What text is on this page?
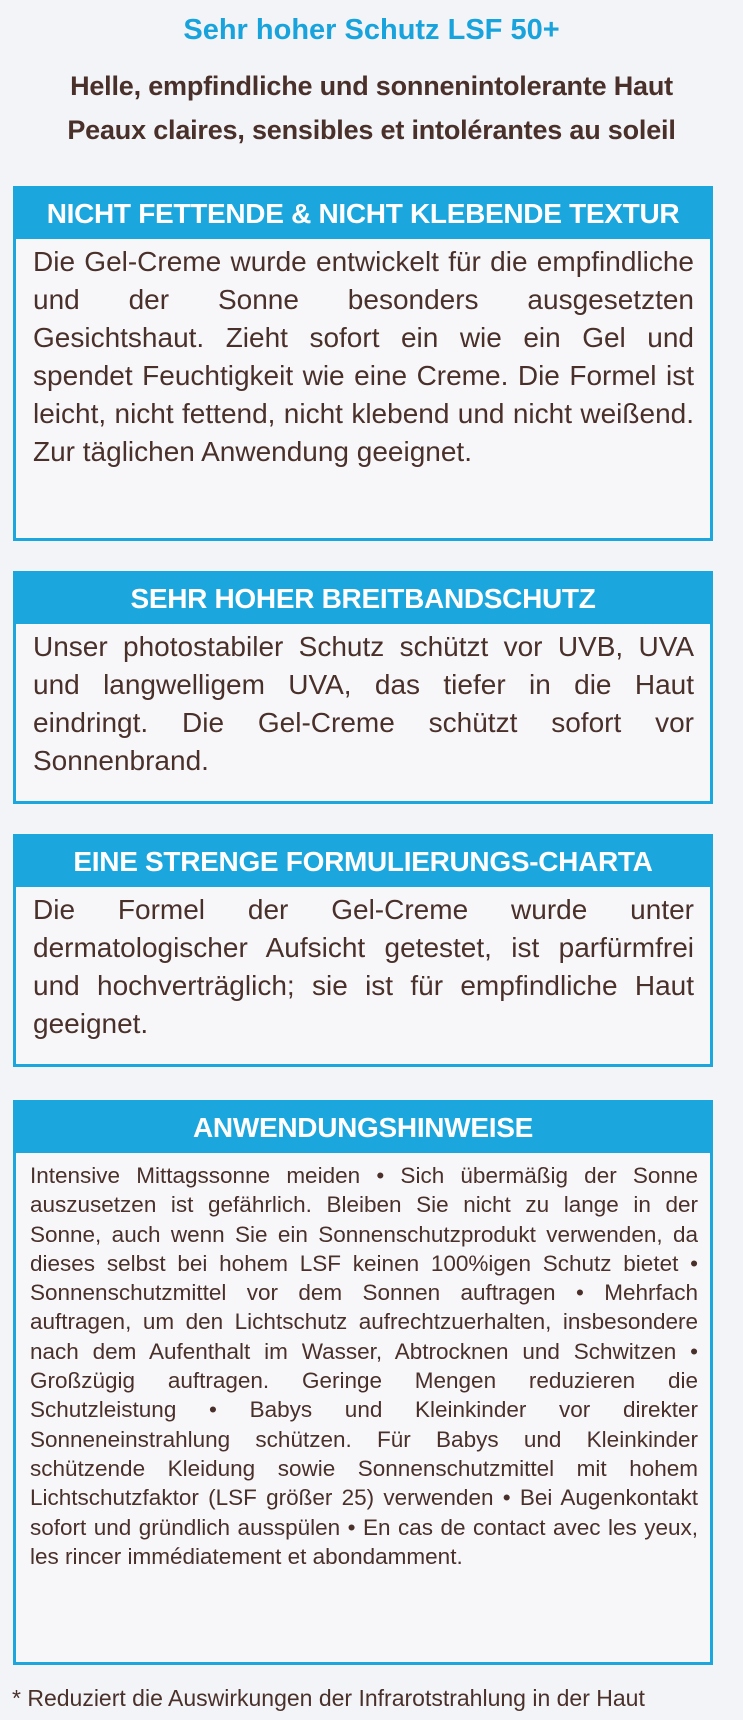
Sehr hoher Schutz LSF 50+
Helle, empfindliche und sonnenintolerante Haut
Peaux claires, sensibles et intolérantes au soleil
NICHT FETTENDE & NICHT KLEBENDE TEXTUR
Die Gel-Creme wurde entwickelt für die empfindliche und der Sonne besonders ausgesetzten Gesichtshaut. Zieht sofort ein wie ein Gel und spendet Feuchtigkeit wie eine Creme. Die Formel ist leicht, nicht fettend, nicht klebend und nicht weißend. Zur täglichen Anwendung geeignet.
SEHR HOHER BREITBANDSCHUTZ
Unser photostabiler Schutz schützt vor UVB, UVA und langwelligem UVA, das tiefer in die Haut eindringt. Die Gel-Creme schützt sofort vor Sonnenbrand.
EINE STRENGE FORMULIERUNGS-CHARTA
Die Formel der Gel-Creme wurde unter dermatologischer Aufsicht getestet, ist parfürmfrei und hochverträglich; sie ist für empfindliche Haut geeignet.
ANWENDUNGSHINWEISE
Intensive Mittagssonne meiden • Sich übermäßig der Sonne auszusetzen ist gefährlich. Bleiben Sie nicht zu lange in der Sonne, auch wenn Sie ein Sonnenschutzprodukt verwenden, da dieses selbst bei hohem LSF keinen 100%igen Schutz bietet • Sonnenschutzmittel vor dem Sonnen auftragen • Mehrfach auftragen, um den Lichtschutz aufrechtzuerhalten, insbesondere nach dem Aufenthalt im Wasser, Abtrocknen und Schwitzen • Großzügig auftragen. Geringe Mengen reduzieren die Schutzleistung • Babys und Kleinkinder vor direkter Sonneneinstrahlung schützen. Für Babys und Kleinkinder schützende Kleidung sowie Sonnenschutzmittel mit hohem Lichtschutzfaktor (LSF größer 25) verwenden • Bei Augenkontakt sofort und gründlich ausspülen • En cas de contact avec les yeux, les rincer immédiatement et abondamment.
* Reduziert die Auswirkungen der Infrarotstrahlung in der Haut
